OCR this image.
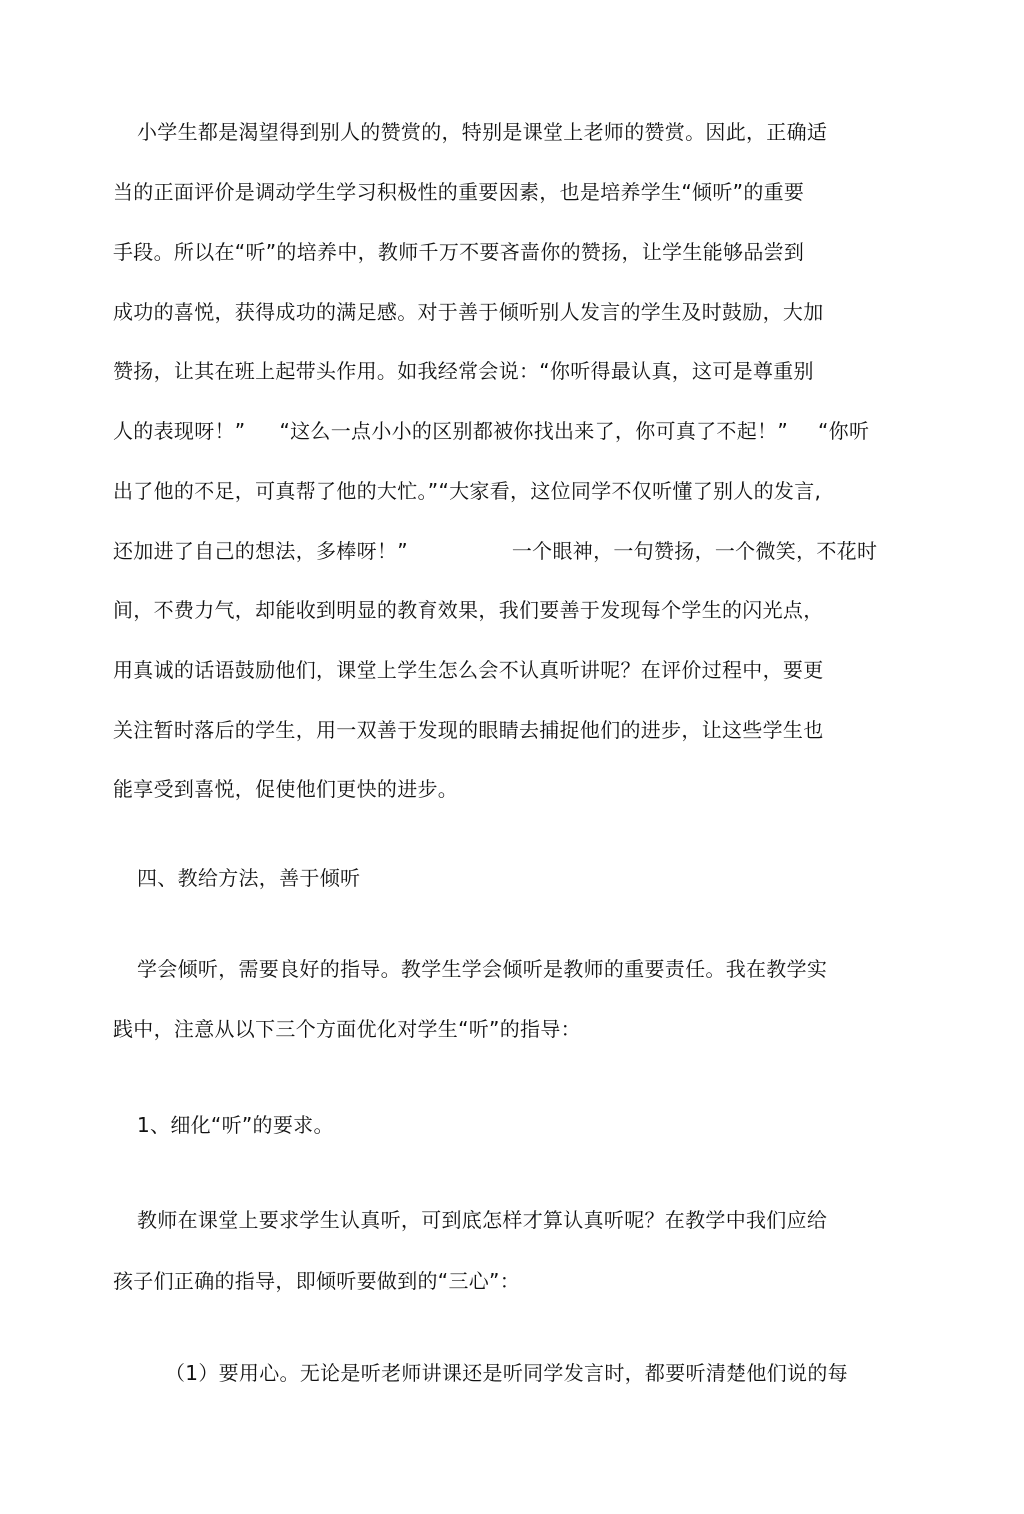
小学生都是渴望得到别人的赞赏的，特别是课堂上老师的赞赏。因此，正确适
当的正面评价是调动学生学习积极性的重要因素，也是培养学生“倾听”的重要
手段。所以在“听”的培养中，教师千万不要吝啬你的赞扬，让学生能够品尝到
成功的喜悦，获得成功的满足感。对于善于倾听别人发言的学生及时鼓励，大加
赞扬，让其在班上起带头作用。如我经常会说：“你听得最认真，这可是尊重别
人的表现呀！” “这么一点小小的区别都被你找出来了，你可真了不起！” “你听
出了他的不足，可真帮了他的大忙。”“大家看，这位同学不仅听懂了别人的发言,
还加进了自己的想法，多棒呀！”	一个眼神，一句赞扬，一个微笑，不花时
间，不费力气，却能收到明显的教育效果，我们要善于发现每个学生的闪光点，
用真诚的话语鼓励他们，课堂上学生怎么会不认真听讲呢？在评价过程中，要更
关注暂时落后的学生，用一双善于发现的眼睛去捕捉他们的进步，让这些学生也
能享受到喜悦，促使他们更快的进步。
四、教给方法，善于倾听
学会倾听，需要良好的指导。教学生学会倾听是教师的重要责任。我在教学实
践中，注意从以下三个方面优化对学生“听”的指导：
1、细化“听”的要求。
教师在课堂上要求学生认真听，可到底怎样才算认真听呢？在教学中我们应给
孩子们正确的指导，即倾听要做到的“三心”：
（1）要用心。无论是听老师讲课还是听同学发言时，都要听清楚他们说的每
